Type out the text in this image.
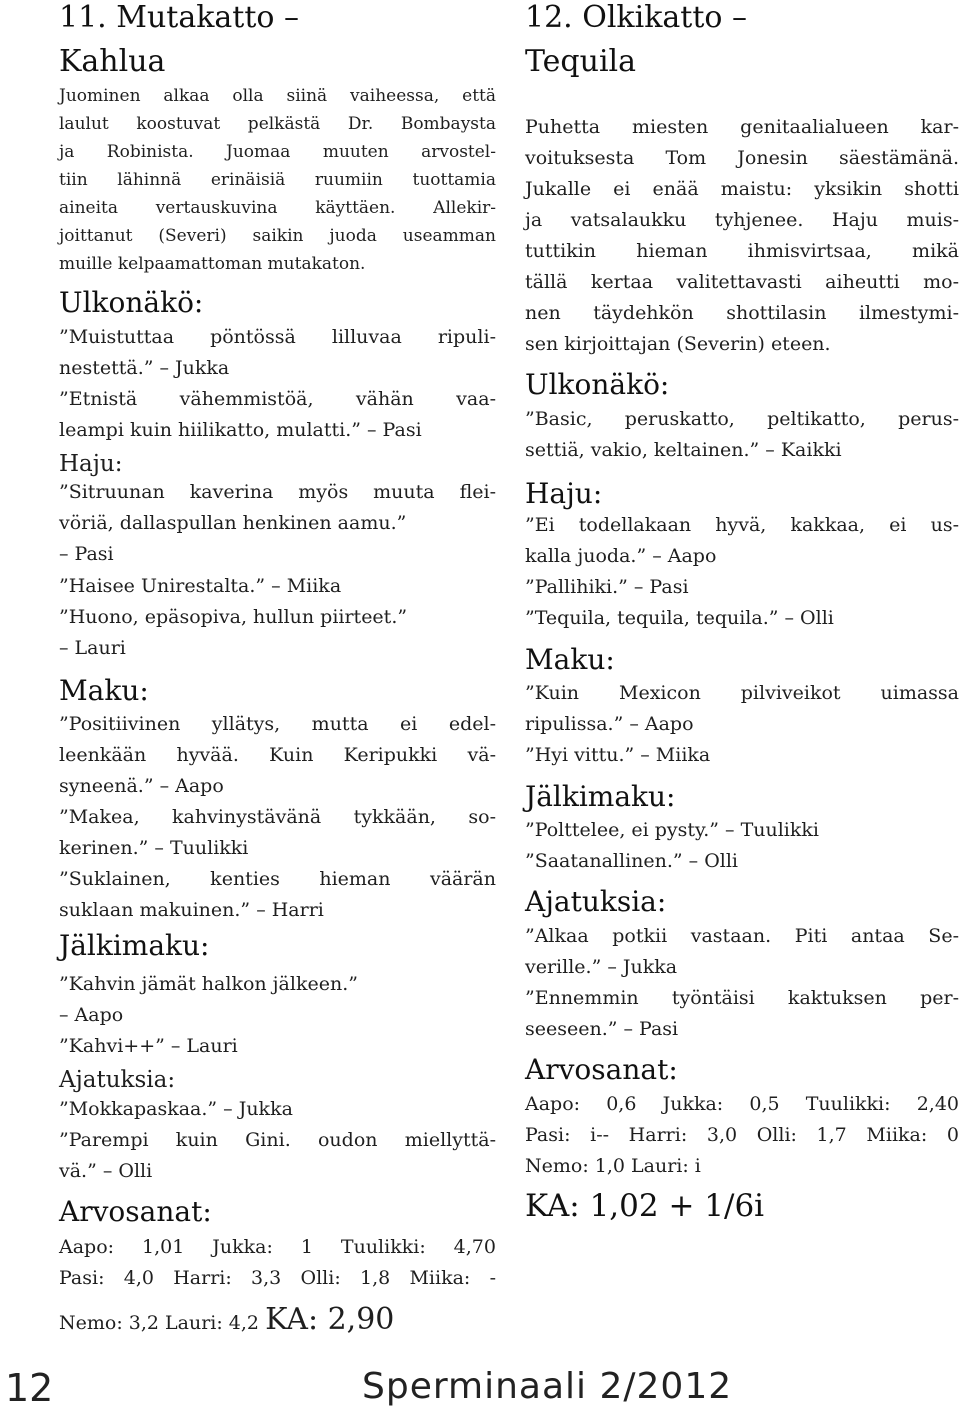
11. Mutakatto –
Kahlua
Juominen alkaa olla siinä vaiheessa, että
laulut koostuvat pelkästä Dr. Bombaysta
ja Robinista. Juomaa muuten arvostel-
tiin lähinnä erinäisiä ruumiin tuottamia
aineita vertauskuvina käyttäen. Allekir-
joittanut (Severi) saikin juoda useamman
muille kelpaamattoman mutakaton.
Ulkonäkö:
”Muistuttaa pöntössä lilluvaa ripuli-
nestettä.” – Jukka
”Etnistä vähemmistöä, vähän vaa-
leampi kuin hiilikatto, mulatti.” – Pasi
Haju:
”Sitruunan kaverina myös muuta flei-
vöriä, dallaspullan henkinen aamu.”
– Pasi
”Haisee Unirestalta.” – Miika
”Huono, epäsopiva, hullun piirteet.”
– Lauri
Maku:
”Positiivinen yllätys, mutta ei edel-
leenkään hyvää. Kuin Keripukki vä-
syneenä.” – Aapo
”Makea, kahvinystävänä tykkään, so-
kerinen.” – Tuulikki
”Suklainen, kenties hieman väärän
suklaan makuinen.” – Harri
Jälkimaku:
”Kahvin jämät halkon jälkeen.”
– Aapo
”Kahvi++” – Lauri
Ajatuksia:
”Mokkapaskaa.” – Jukka
”Parempi kuin Gini. oudon miellyttä-
vä.” – Olli
Arvosanat:
Aapo: 1,01 Jukka: 1 Tuulikki: 4,70
Pasi: 4,0 Harri: 3,3 Olli: 1,8 Miika: -
Nemo: 3,2 Lauri: 4,2 KA: 2,90
12. Olkikatto –
Tequila
Puhetta miesten genitaalialueen kar-
voituksesta Tom Jonesin säestämänä.
Jukalle ei enää maistu: yksikin shotti
ja vatsalaukku tyhjenee. Haju muis-
tuttikin hieman ihmisvirtsaa, mikä
tällä kertaa valitettavasti aiheutti mo-
nen täydehkön shottilasin ilmestymi-
sen kirjoittajan (Severin) eteen.
Ulkonäkö:
”Basic, peruskatto, peltikatto, perus-
settiä, vakio, keltainen.” – Kaikki
Haju:
”Ei todellakaan hyvä, kakkaa, ei us-
kalla juoda.” – Aapo
”Pallihiki.” – Pasi
”Tequila, tequila, tequila.” – Olli
Maku:
”Kuin Mexicon pilviveikot uimassa
ripulissa.” – Aapo
”Hyi vittu.” – Miika
Jälkimaku:
”Polttelee, ei pysty.” – Tuulikki
”Saatanallinen.” – Olli
Ajatuksia:
”Alkaa potkii vastaan. Piti antaa Se-
verille.” – Jukka
”Ennemmin työntäisi kaktuksen per-
seeseen.” – Pasi
Arvosanat:
Aapo: 0,6 Jukka: 0,5 Tuulikki: 2,40
Pasi: i-- Harri: 3,0 Olli: 1,7 Miika: 0
Nemo: 1,0 Lauri: i
KA: 1,02 + 1/6i
12	Sperminaali 2/2012
